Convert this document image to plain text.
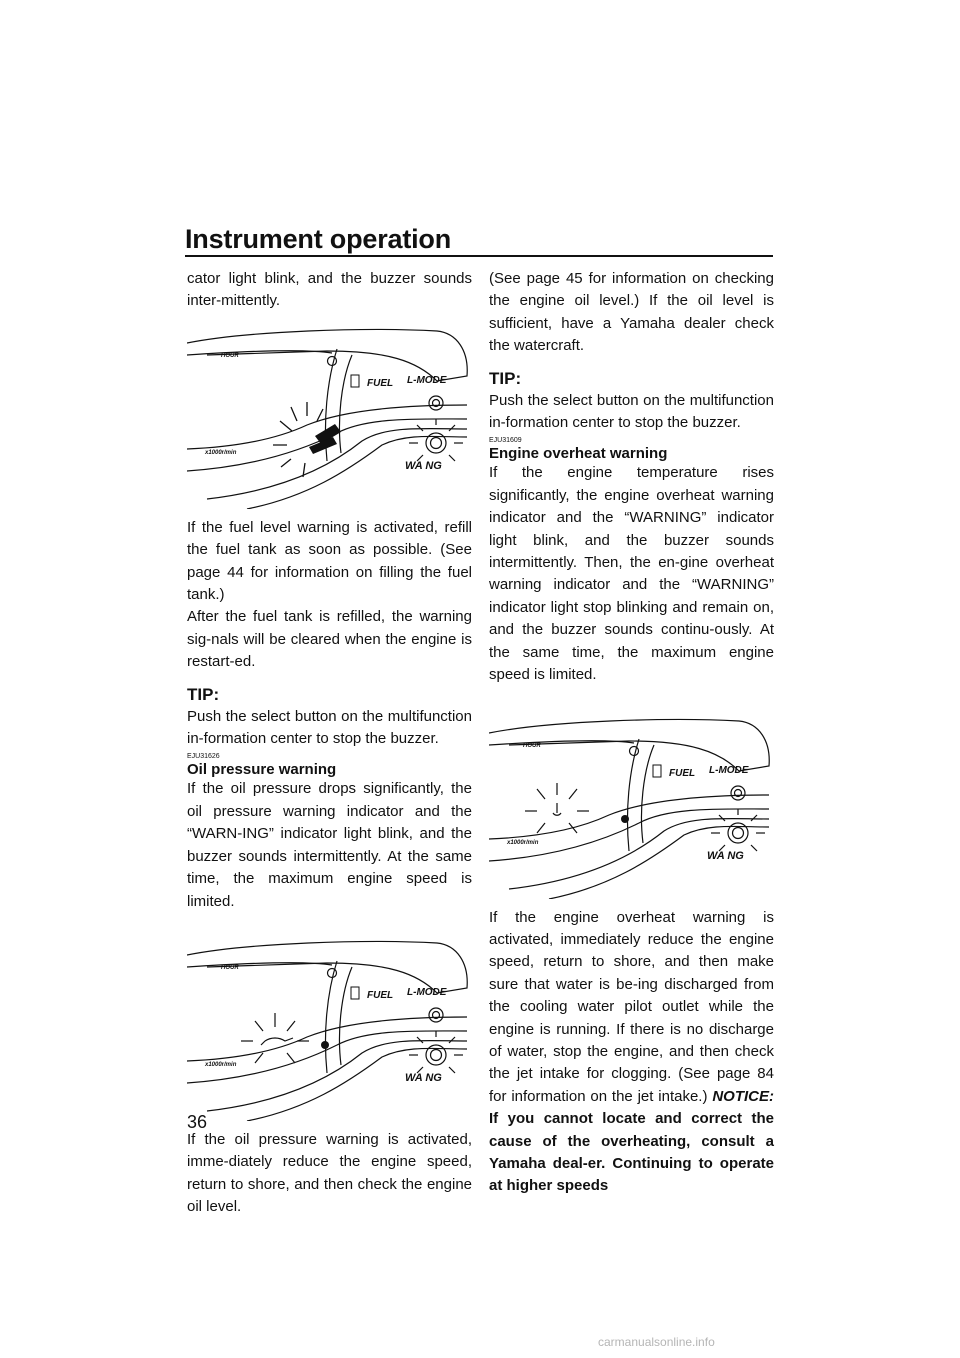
Instrument operation
36

cator light blink, and the buzzer sounds inter-mittently.

HOUR
FUEL L-MODE
x1000r/min
WA NG

If the fuel level warning is activated, refill the fuel tank as soon as possible. (See page 44 for information on filling the fuel tank.)

After the fuel tank is refilled, the warning sig-nals will be cleared when the engine is restart-ed.

TIP:

Push the select button on the multifunction in-formation center to stop the buzzer.

EJU31626
Oil pressure warning

If the oil pressure drops significantly, the oil pressure warning indicator and the “WARN-ING” indicator light blink, and the buzzer sounds intermittently. At the same time, the maximum engine speed is limited.

HOUR
FUEL L-MODE
x1000r/min
WA NG

If the oil pressure warning is activated, imme-diately reduce the engine speed, return to shore, and then check the engine oil level.

(See page 45 for information on checking the engine oil level.) If the oil level is sufficient, have a Yamaha dealer check the watercraft.

TIP:

Push the select button on the multifunction in-formation center to stop the buzzer.

EJU31609
Engine overheat warning

If the engine temperature rises significantly, the engine overheat warning indicator and the “WARNING” indicator light blink, and the buzzer sounds intermittently. Then, the en-gine overheat warning indicator and the “WARNING” indicator light stop blinking and remain on, and the buzzer sounds continu-ously. At the same time, the maximum engine speed is limited.

HOUR
FUEL L-MODE
x1000r/min
WA NG

If the engine overheat warning is activated, immediately reduce the engine speed, return to shore, and then make sure that water is be-ing discharged from the cooling water pilot outlet while the engine is running. If there is no discharge of water, stop the engine, and then check the jet intake for clogging. (See page 84 for information on the jet intake.) NOTICE: If you cannot locate and correct the cause of the overheating, consult a Yamaha deal-er. Continuing to operate at higher speeds

carmanualsonline.info
